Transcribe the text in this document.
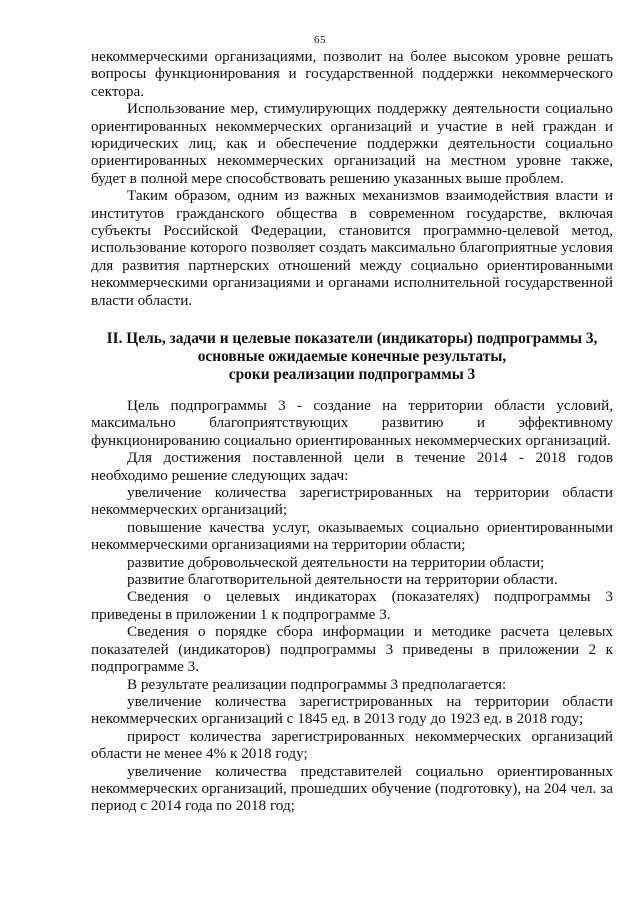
65

некоммерческими организациями, позволит на более высоком уровне решать вопросы функционирования и государственной поддержки некоммерческого сектора.

Использование мер, стимулирующих поддержку деятельности социально ориентированных некоммерческих организаций и участие в ней граждан и юридических лиц, как и обеспечение поддержки деятельности социально ориентированных некоммерческих организаций на местном уровне также, будет в полной мере способствовать решению указанных выше проблем.

Таким образом, одним из важных механизмов взаимодействия власти и институтов гражданского общества в современном государстве, включая субъекты Российской Федерации, становится программно-целевой метод, использование которого позволяет создать максимально благоприятные условия для развития партнерских отношений между социально ориентированными некоммерческими организациями и органами исполнительной государственной власти области.

II. Цель, задачи и целевые показатели (индикаторы) подпрограммы 3,
основные ожидаемые конечные результаты,
сроки реализации подпрограммы 3

Цель подпрограммы 3 - создание на территории области условий, максимально благоприятствующих развитию и эффективному функционированию социально ориентированных некоммерческих организаций.

Для достижения поставленной цели в течение 2014 - 2018 годов необходимо решение следующих задач:

увеличение количества зарегистрированных на территории области некоммерческих организаций;

повышение качества услуг, оказываемых социально ориентированными некоммерческими организациями на территории области;

развитие добровольческой деятельности на территории области;

развитие благотворительной деятельности на территории области.

Сведения о целевых индикаторах (показателях) подпрограммы 3 приведены в приложении 1 к подпрограмме 3.

Сведения о порядке сбора информации и методике расчета целевых показателей (индикаторов) подпрограммы 3 приведены в приложении 2 к подпрограмме 3.

В результате реализации подпрограммы 3 предполагается:

увеличение количества зарегистрированных на территории области некоммерческих организаций с 1845 ед. в 2013 году до 1923 ед. в 2018 году;

прирост количества зарегистрированных некоммерческих организаций области не менее 4% к 2018 году;

увеличение количества представителей социально ориентированных некоммерческих организаций, прошедших обучение (подготовку), на 204 чел. за период с 2014 года по 2018 год;
